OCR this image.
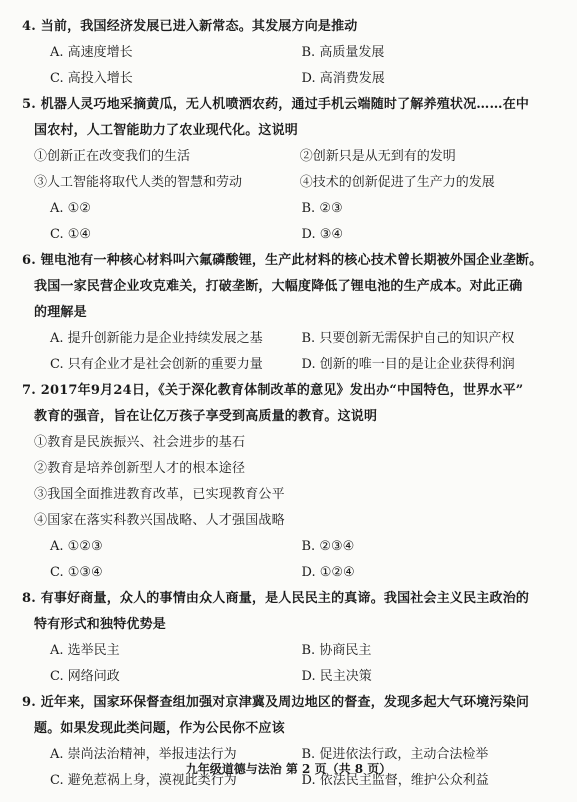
4. 当前，我国经济发展已进入新常态。其发展方向是推动
A. 高速度增长	B. 高质量发展
C. 高投入增长	D. 高消费发展
5. 机器人灵巧地采摘黄瓜，无人机喷洒农药，通过手机云端随时了解养殖状况……在中
国农村，人工智能助力了农业现代化。这说明
①创新正在改变我们的生活	②创新只是从无到有的发明
③人工智能将取代人类的智慧和劳动	④技术的创新促进了生产力的发展
A. ①②	B. ②③
C. ①④	D. ③④
6. 锂电池有一种核心材料叫六氟磷酸锂，生产此材料的核心技术曾长期被外国企业垄断。
我国一家民营企业攻克难关，打破垄断，大幅度降低了锂电池的生产成本。对此正确
的理解是
A. 提升创新能力是企业持续发展之基	B. 只要创新无需保护自己的知识产权
C. 只有企业才是社会创新的重要力量	D. 创新的唯一目的是让企业获得利润
7. 2017年9月24日，《关于深化教育体制改革的意见》发出办“中国特色，世界水平”
教育的强音，旨在让亿万孩子享受到高质量的教育。这说明
①教育是民族振兴、社会进步的基石
②教育是培养创新型人才的根本途径
③我国全面推进教育改革，已实现教育公平
④国家在落实科教兴国战略、人才强国战略
A. ①②③	B. ②③④
C. ①③④	D. ①②④
8. 有事好商量，众人的事情由众人商量，是人民民主的真谛。我国社会主义民主政治的
特有形式和独特优势是
A. 选举民主	B. 协商民主
C. 网络问政	D. 民主决策
9. 近年来，国家环保督查组加强对京津冀及周边地区的督查，发现多起大气环境污染问
题。如果发现此类问题，作为公民你不应该
A. 崇尚法治精神，举报违法行为	B. 促进依法行政，主动合法检举
C. 避免惹祸上身，漠视此类行为	D. 依法民主监督，维护公众利益
九年级道德与法治 第 2 页（共 8 页）
